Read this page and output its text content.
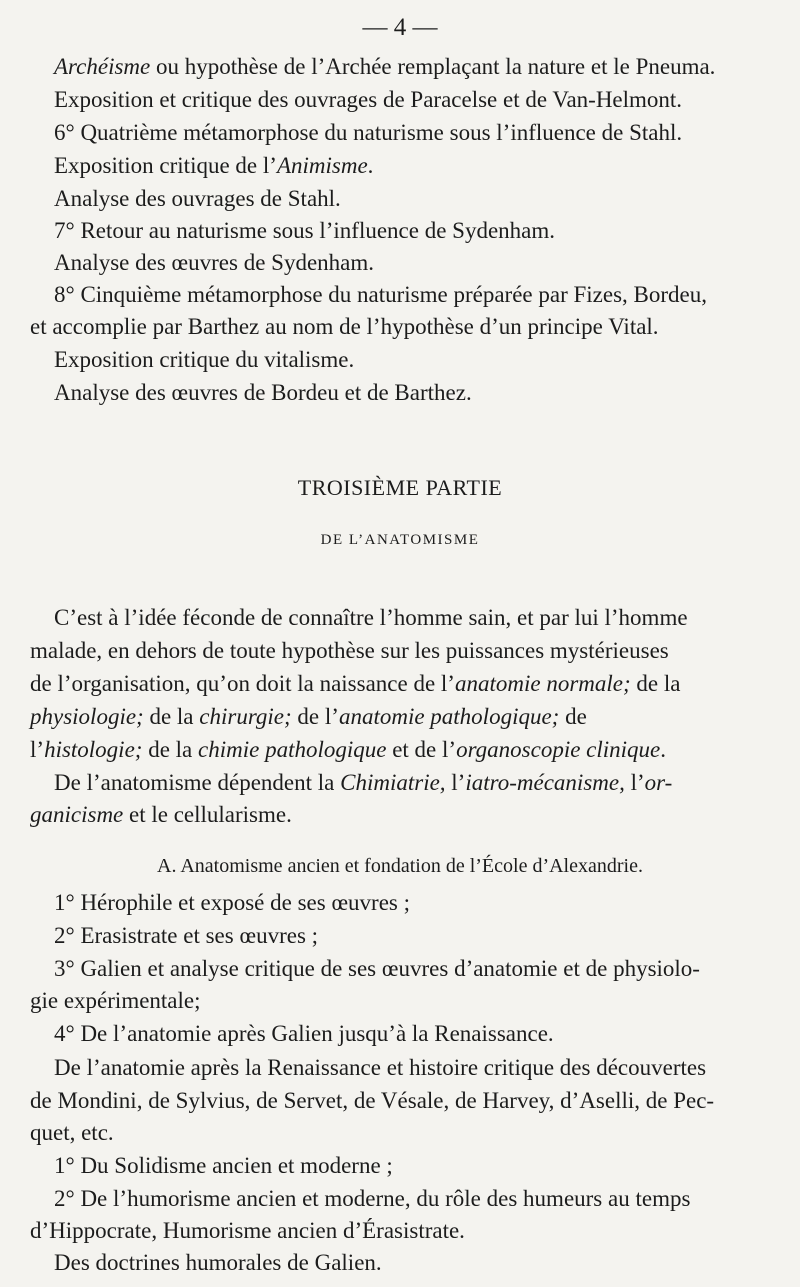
— 4 —
Archéisme ou hypothèse de l’Archée remplaçant la nature et le Pneuma.
Exposition et critique des ouvrages de Paracelse et de Van-Helmont.
6° Quatrième métamorphose du naturisme sous l’influence de Stahl.
Exposition critique de l’Animisme.
Analyse des ouvrages de Stahl.
7° Retour au naturisme sous l’influence de Sydenham.
Analyse des œuvres de Sydenham.
8° Cinquième métamorphose du naturisme préparée par Fizes, Bordeu,
et accomplie par Barthez au nom de l’hypothèse d’un principe Vital.
Exposition critique du vitalisme.
Analyse des œuvres de Bordeu et de Barthez.
TROISIÈME PARTIE
DE L’ANATOMISME
C’est à l’idée féconde de connaître l’homme sain, et par lui l’homme
malade, en dehors de toute hypothèse sur les puissances mystérieuses
de l’organisation, qu’on doit la naissance de l’anatomie normale; de la
physiologie; de la chirurgie; de l’anatomie pathologique; de
l’histologie; de la chimie pathologique et de l’organoscopie clinique.
De l’anatomisme dépendent la Chimiatrie, l’iatro-mécanisme, l’or-
ganicisme et le cellularisme.
A. Anatomisme ancien et fondation de l’École d’Alexandrie.
1° Hérophile et exposé de ses œuvres ;
2° Erasistrate et ses œuvres ;
3° Galien et analyse critique de ses œuvres d’anatomie et de physiolo-
gie expérimentale;
4° De l’anatomie après Galien jusqu’à la Renaissance.
De l’anatomie après la Renaissance et histoire critique des découvertes
de Mondini, de Sylvius, de Servet, de Vésale, de Harvey, d’Aselli, de Pec-
quet, etc.
1° Du Solidisme ancien et moderne ;
2° De l’humorisme ancien et moderne, du rôle des humeurs au temps
d’Hippocrate, Humorisme ancien d’Érasistrate.
Des doctrines humorales de Galien.
